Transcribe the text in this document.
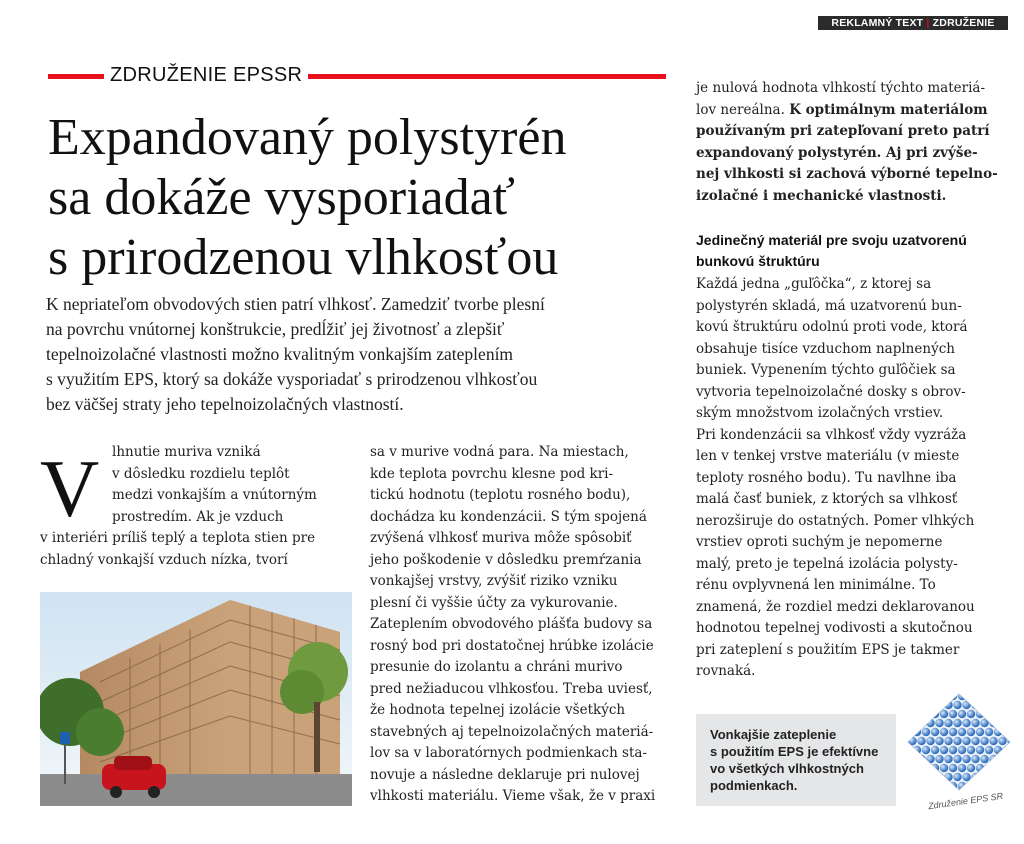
REKLAMNÝ TEXT | ZDRUŽENIE EPSSR
ZDRUŽENIE EPSSR
Expandovaný polystyrén
sa dokáže vysporiadať
s prirodzenou vlhkosťou
K nepriateľom obvodových stien patrí vlhkosť. Zamedziť tvorbe plesní
na povrchu vnútornej konštrukcie, predĺžiť jej životnosť a zlepšiť
tepelnoizolačné vlastnosti možno kvalitným vonkajším zateplením
s využitím EPS, ktorý sa dokáže vysporiadať s prirodzenou vlhkosťou
bez väčšej straty jeho tepelnoizolačných vlastností.
V lhnutie muriva vzniká
v dôsledku rozdielu teplôt
medzi vonkajším a vnútorným
prostredím. Ak je vzduch
v interiéri príliš teplý a teplota stien pre
chladný vonkajší vzduch nízka, tvorí
sa v murive vodná para. Na miestach,
kde teplota povrchu klesne pod kri-
tickú hodnotu (teplotu rosného bodu),
dochádza ku kondenzácii. S tým spojená
zvýšená vlhkosť muriva môže spôsobiť
jeho poškodenie v dôsledku premŕzania
vonkajšej vrstvy, zvýšiť riziko vzniku
plesní či vyššie účty za vykurovanie.
Zateplením obvodového plášťa budovy sa
rosný bod pri dostatočnej hrúbke izolácie
presunie do izolantu a chráni murivo
pred nežiaducou vlhkosťou. Treba uviesť,
že hodnota tepelnej izolácie všetkých
stavebných aj tepelnoizolačných materiá-
lov sa v laboratórnych podmienkach sta-
novuje a následne deklaruje pri nulovej
vlhkosti materiálu. Vieme však, že v praxi
je nulová hodnota vlhkostí týchto materiá-
lov nereálna. K optimálnym materiálom
používaným pri zatepľovaní preto patrí
expandovaný polystyrén. Aj pri zvýše-
nej vlhkosti si zachová výborné tepelno-
izolačné i mechanické vlastnosti.
Jedinečný materiál pre svoju uzatvorenú
bunkovú štruktúru
Každá jedna „guľôčka“, z ktorej sa
polystyrén skladá, má uzatvorenú bun-
kovú štruktúru odolnú proti vode, ktorá
obsahuje tisíce vzduchom naplnených
buniek. Vypenením týchto guľôčiek sa
vytvoria tepelnoizolačné dosky s obrov-
ským množstvom izolačných vrstiev.
Pri kondenzácii sa vlhkosť vždy vyzráža
len v tenkej vrstve materiálu (v mieste
teploty rosného bodu). Tu navlhne iba
malá časť buniek, z ktorých sa vlhkosť
nerozširuje do ostatných. Pomer vlhkých
vrstiev oproti suchým je nepomerne
malý, preto je tepelná izolácia polysty-
rénu ovplyvnená len minimálne. To
znamená, že rozdiel medzi deklarovanou
hodnotou tepelnej vodivosti a skutočnou
pri zateplení s použitím EPS je takmer
rovnaká.
Vonkajšie zateplenie
s použitím EPS je efektívne
vo všetkých vlhkostných
podmienkach.
Združenie EPS SR
